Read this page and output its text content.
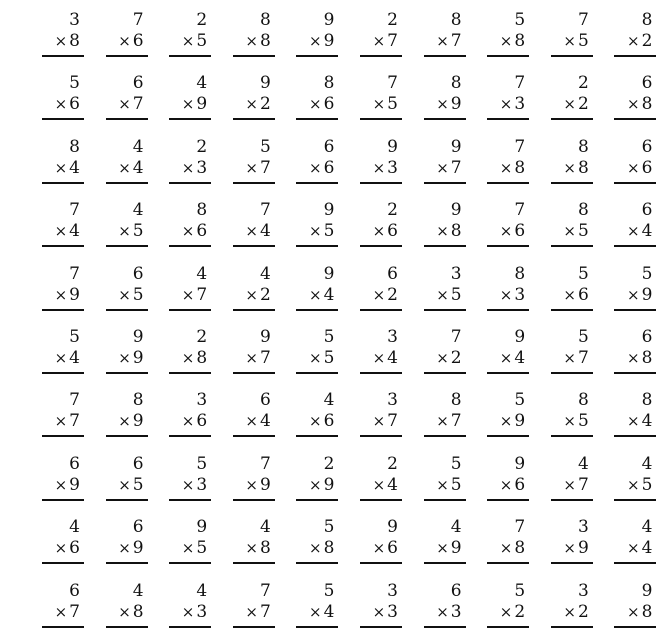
3
× 8
7
× 6
2
× 5
8
× 8
9
× 9
2
× 7
8
× 7
5
× 8
7
× 5
8
× 2
5
× 6
6
× 7
4
× 9
9
× 2
8
× 6
7
× 5
8
× 9
7
× 3
2
× 2
6
× 8
8
× 4
4
× 4
2
× 3
5
× 7
6
× 6
9
× 3
9
× 7
7
× 8
8
× 8
6
× 6
7
× 4
4
× 5
8
× 6
7
× 4
9
× 5
2
× 6
9
× 8
7
× 6
8
× 5
6
× 4
7
× 9
6
× 5
4
× 7
4
× 2
9
× 4
6
× 2
3
× 5
8
× 3
5
× 6
5
× 9
5
× 4
9
× 9
2
× 8
9
× 7
5
× 5
3
× 4
7
× 2
9
× 4
5
× 7
6
× 8
7
× 7
8
× 9
3
× 6
6
× 4
4
× 6
3
× 7
8
× 7
5
× 9
8
× 5
8
× 4
6
× 9
6
× 5
5
× 3
7
× 9
2
× 9
2
× 4
5
× 5
9
× 6
4
× 7
4
× 5
4
× 6
6
× 9
9
× 5
4
× 8
5
× 8
9
× 6
4
× 9
7
× 8
3
× 9
4
× 4
6
× 7
4
× 8
4
× 3
7
× 7
5
× 4
3
× 3
6
× 3
5
× 2
3
× 2
9
× 8
